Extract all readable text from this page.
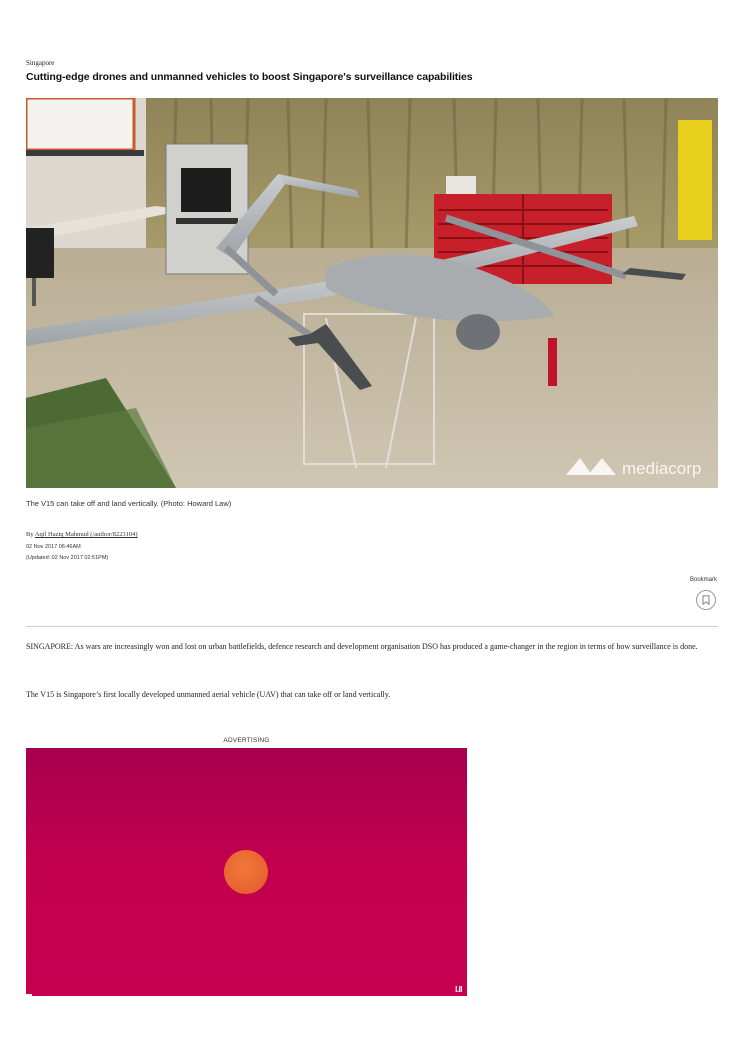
Singapore
Cutting-edge drones and unmanned vehicles to boost Singapore's surveillance capabilities
mediacorp
The V15 can take off and land vertically. (Photo: Howard Law)
By Aqil Haziq Mahmud (/author/8223104)
02 Nov 2017 06:46AM
(Updated: 02 Nov 2017 02:51PM)
Bookmark
SINGAPORE: As wars are increasingly won and lost on urban battlefields, defence research and development organisation DSO has produced a game-changer in the region in terms of how surveillance is done.
The V15 is Singapore’s first locally developed unmanned aerial vehicle (UAV) that can take off or land vertically.
ADVERTISING
I.II
